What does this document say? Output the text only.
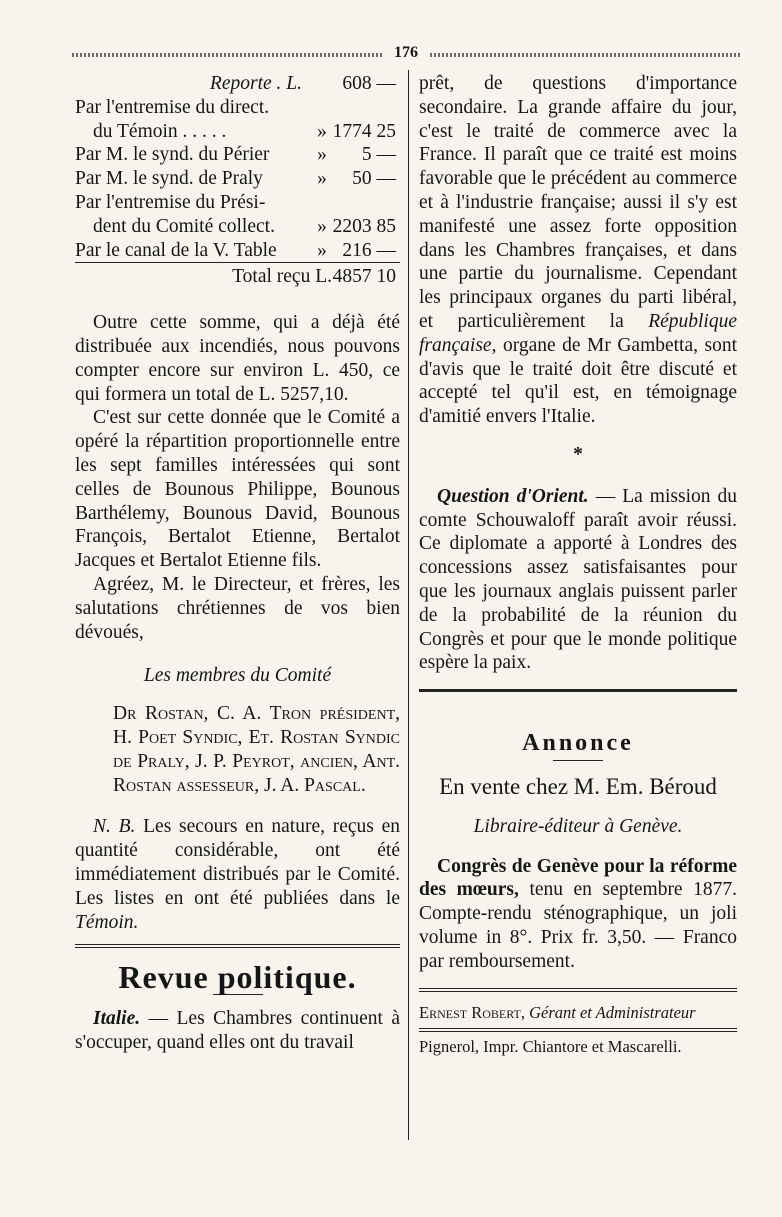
176
Reporte . L.		608 —
Par l'entremise du direct.		
du Témoin . . . . .	»	1774 25
Par M. le synd. du Périer	»	5 —
Par M. le synd. de Praly	»	50 —
Par l'entremise du Prési-		
dent du Comité collect.	»	2203 85
Par le canal de la V. Table	»	216 —
Total reçu L.		4857 10

Outre cette somme, qui a déjà été distribuée aux incendiés, nous pouvons compter encore sur environ L. 450, ce qui formera un total de L. 5257,10.

C'est sur cette donnée que le Comité a opéré la répartition proportionnelle entre les sept familles intéressées qui sont celles de Bounous Philippe, Bounous Barthélemy, Bounous David, Bounous François, Bertalot Etienne, Bertalot Jacques et Bertalot Etienne fils.

Agréez, M. le Directeur, et frères, les salutations chrétiennes de vos bien dévoués,

Les membres du Comité

Dr Rostan, C. A. Tron président, H. Poet Syndic, Et. Rostan Syndic de Praly, J. P. Peyrot, ancien, Ant. Rostan assesseur, J. A. Pascal.

N. B. Les secours en nature, reçus en quantité considérable, ont été immédiatement distribués par le Comité. Les listes en ont été publiées dans le Témoin.

Revue politique.

Italie. — Les Chambres continuent à s'occuper, quand elles ont du travail

prêt, de questions d'importance secondaire. La grande affaire du jour, c'est le traité de commerce avec la France. Il paraît que ce traité est moins favorable que le précédent au commerce et à l'industrie française; aussi il s'y est manifesté une assez forte opposition dans les Chambres françaises, et dans une partie du journalisme. Cependant les principaux organes du parti libéral, et particulièrement la République française, organe de Mr Gambetta, sont d'avis que le traité doit être discuté et accepté tel qu'il est, en témoignage d'amitié envers l'Italie.

*

Question d'Orient. — La mission du comte Schouwaloff paraît avoir réussi. Ce diplomate a apporté à Londres des concessions assez satisfaisantes pour que les journaux anglais puissent parler de la probabilité de la réunion du Congrès et pour que le monde politique espère la paix.

Annonce
En vente chez M. Em. Béroud
Libraire-éditeur à Genève.

Congrès de Genève pour la réforme des mœurs, tenu en septembre 1877. Compte-rendu sténographique, un joli volume in 8°. Prix fr. 3,50. — Franco par remboursement.

Ernest Robert, Gérant et Administrateur
Pignerol, Impr. Chiantore et Mascarelli.
